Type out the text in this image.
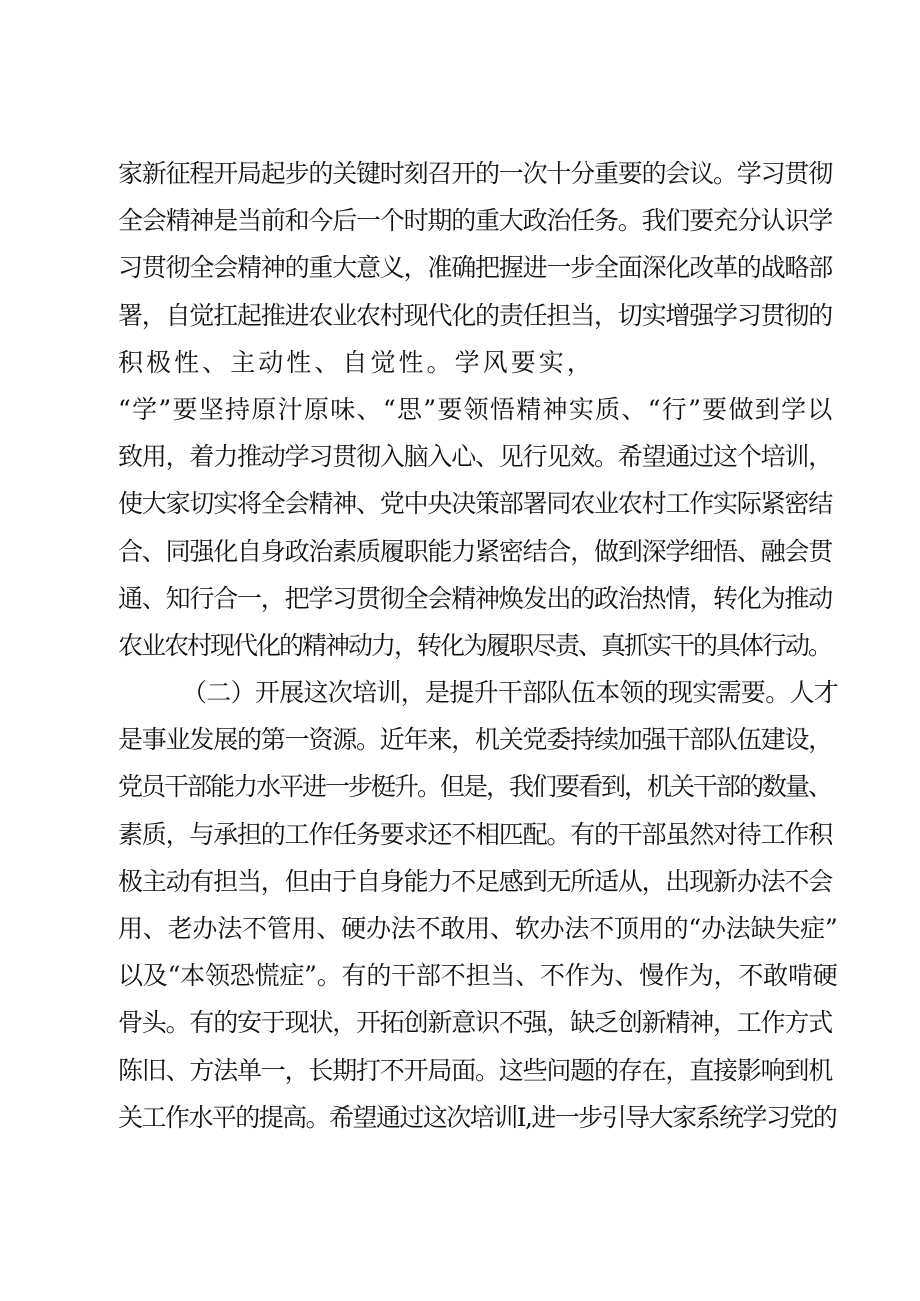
家新征程开局起步的关键时刻召开的一次十分重要的会议。学习贯彻
全会精神是当前和今后一个时期的重大政治任务。我们要充分认识学
习贯彻全会精神的重大意义，准确把握进一步全面深化改革的战略部
署，自觉扛起推进农业农村现代化的责任担当，切实增强学习贯彻的
积极性、主动性、自觉性。学风要实，
“学”要坚持原汁原味、“思”要领悟精神实质、“行”要做到学以
致用，着力推动学习贯彻入脑入心、见行见效。希望通过这个培训，
使大家切实将全会精神、党中央决策部署同农业农村工作实际紧密结
合、同强化自身政治素质履职能力紧密结合，做到深学细悟、融会贯
通、知行合一，把学习贯彻全会精神焕发出的政治热情，转化为推动
农业农村现代化的精神动力，转化为履职尽责、真抓实干的具体行动。
（二）开展这次培训，是提升干部队伍本领的现实需要。人才
是事业发展的第一资源。近年来，机关党委持续加强干部队伍建设，
党员干部能力水平进一步梃升。但是，我们要看到，机关干部的数量、
素质，与承担的工作任务要求还不相匹配。有的干部虽然对待工作积
极主动有担当，但由于自身能力不足感到无所适从，出现新办法不会
用、老办法不管用、硬办法不敢用、软办法不顶用的“办法缺失症”
以及“本领恐慌症”。有的干部不担当、不作为、慢作为，不敢啃硬
骨头。有的安于现状，开拓创新意识不强，缺乏创新精神，工作方式
陈旧、方法单一，长期打不开局面。这些问题的存在，直接影响到机
关工作水平的提高。希望通过这次培训I,进一步引导大家系统学习党的
